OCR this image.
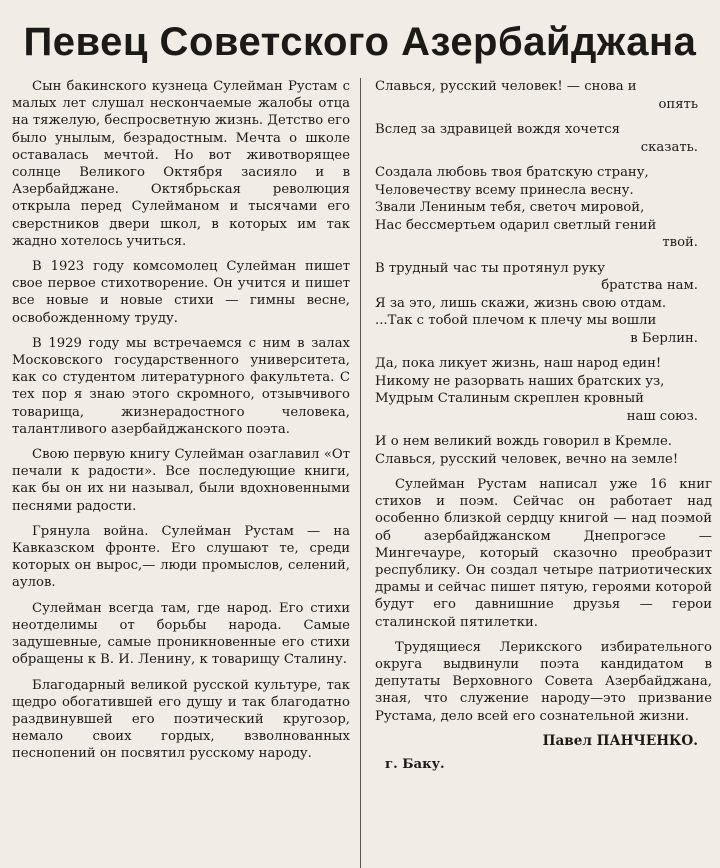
Певец Советского Азербайджана

Сын бакинского кузнеца Сулейман Рустам с малых лет слушал нескончаемые жалобы отца на тяжелую, беспросветную жизнь. Детство его было унылым, безрадостным. Мечта о школе оставалась мечтой. Но вот животворящее солнце Великого Октября засияло и в Азербайджане. Октябрьская революция открыла перед Сулейманом и тысячами его сверстников двери школ, в которых им так жадно хотелось учиться.

В 1923 году комсомолец Сулейман пишет свое первое стихотворение. Он учится и пишет все новые и новые стихи — гимны весне, освобожденному труду.

В 1929 году мы встречаемся с ним в залах Московского государственного университета, как со студентом литературного факультета. С тех пор я знаю этого скромного, отзывчивого товарища, жизнерадостного человека, талантливого азербайджанского поэта.

Свою первую книгу Сулейман озаглавил «От печали к радости». Все последующие книги, как бы он их ни называл, были вдохновенными песнями радости.

Грянула война. Сулейман Рустам — на Кавказском фронте. Его слушают те, среди которых он вырос,— люди промыслов, селений, аулов.

Сулейман всегда там, где народ. Его стихи неотделимы от борьбы народа. Самые задушевные, самые проникновенные его стихи обращены к В. И. Ленину, к товарищу Сталину.

Благодарный великой русской культуре, так щедро обогатившей его душу и так благодатно раздвинувшей его поэтический кругозор, немало своих гордых, взволнованных песнопений он посвятил русскому народу.

Славься, русский человек! — снова и
опять
Вслед за здравицей вождя хочется
сказать.
Создала любовь твоя братскую страну,
Человечеству всему принесла весну.
Звали Лениным тебя, светоч мировой,
Нас бессмертьем одарил светлый гений
твой.
В трудный час ты протянул руку
братства нам.
Я за это, лишь скажи, жизнь свою отдам.
...Так с тобой плечом к плечу мы вошли
в Берлин.
Да, пока ликует жизнь, наш народ един!
Никому не разорвать наших братских уз,
Мудрым Сталиным скреплен кровный
наш союз.
И о нем великий вождь говорил в Кремле.
Славься, русский человек, вечно на земле!

Сулейман Рустам написал уже 16 книг стихов и поэм. Сейчас он работает над особенно близкой сердцу книгой — над поэмой об азербайджанском Днепрогэсе — Мингечауре, который сказочно преобразит республику. Он создал четыре патриотических драмы и сейчас пишет пятую, героями которой будут его давнишние друзья — герои сталинской пятилетки.

Трудящиеся Лерикского избирательного округа выдвинули поэта кандидатом в депутаты Верховного Совета Азербайджана, зная, что служение народу—это призвание Рустама, дело всей его сознательной жизни.

Павел ПАНЧЕНКО.
г. Баку.
